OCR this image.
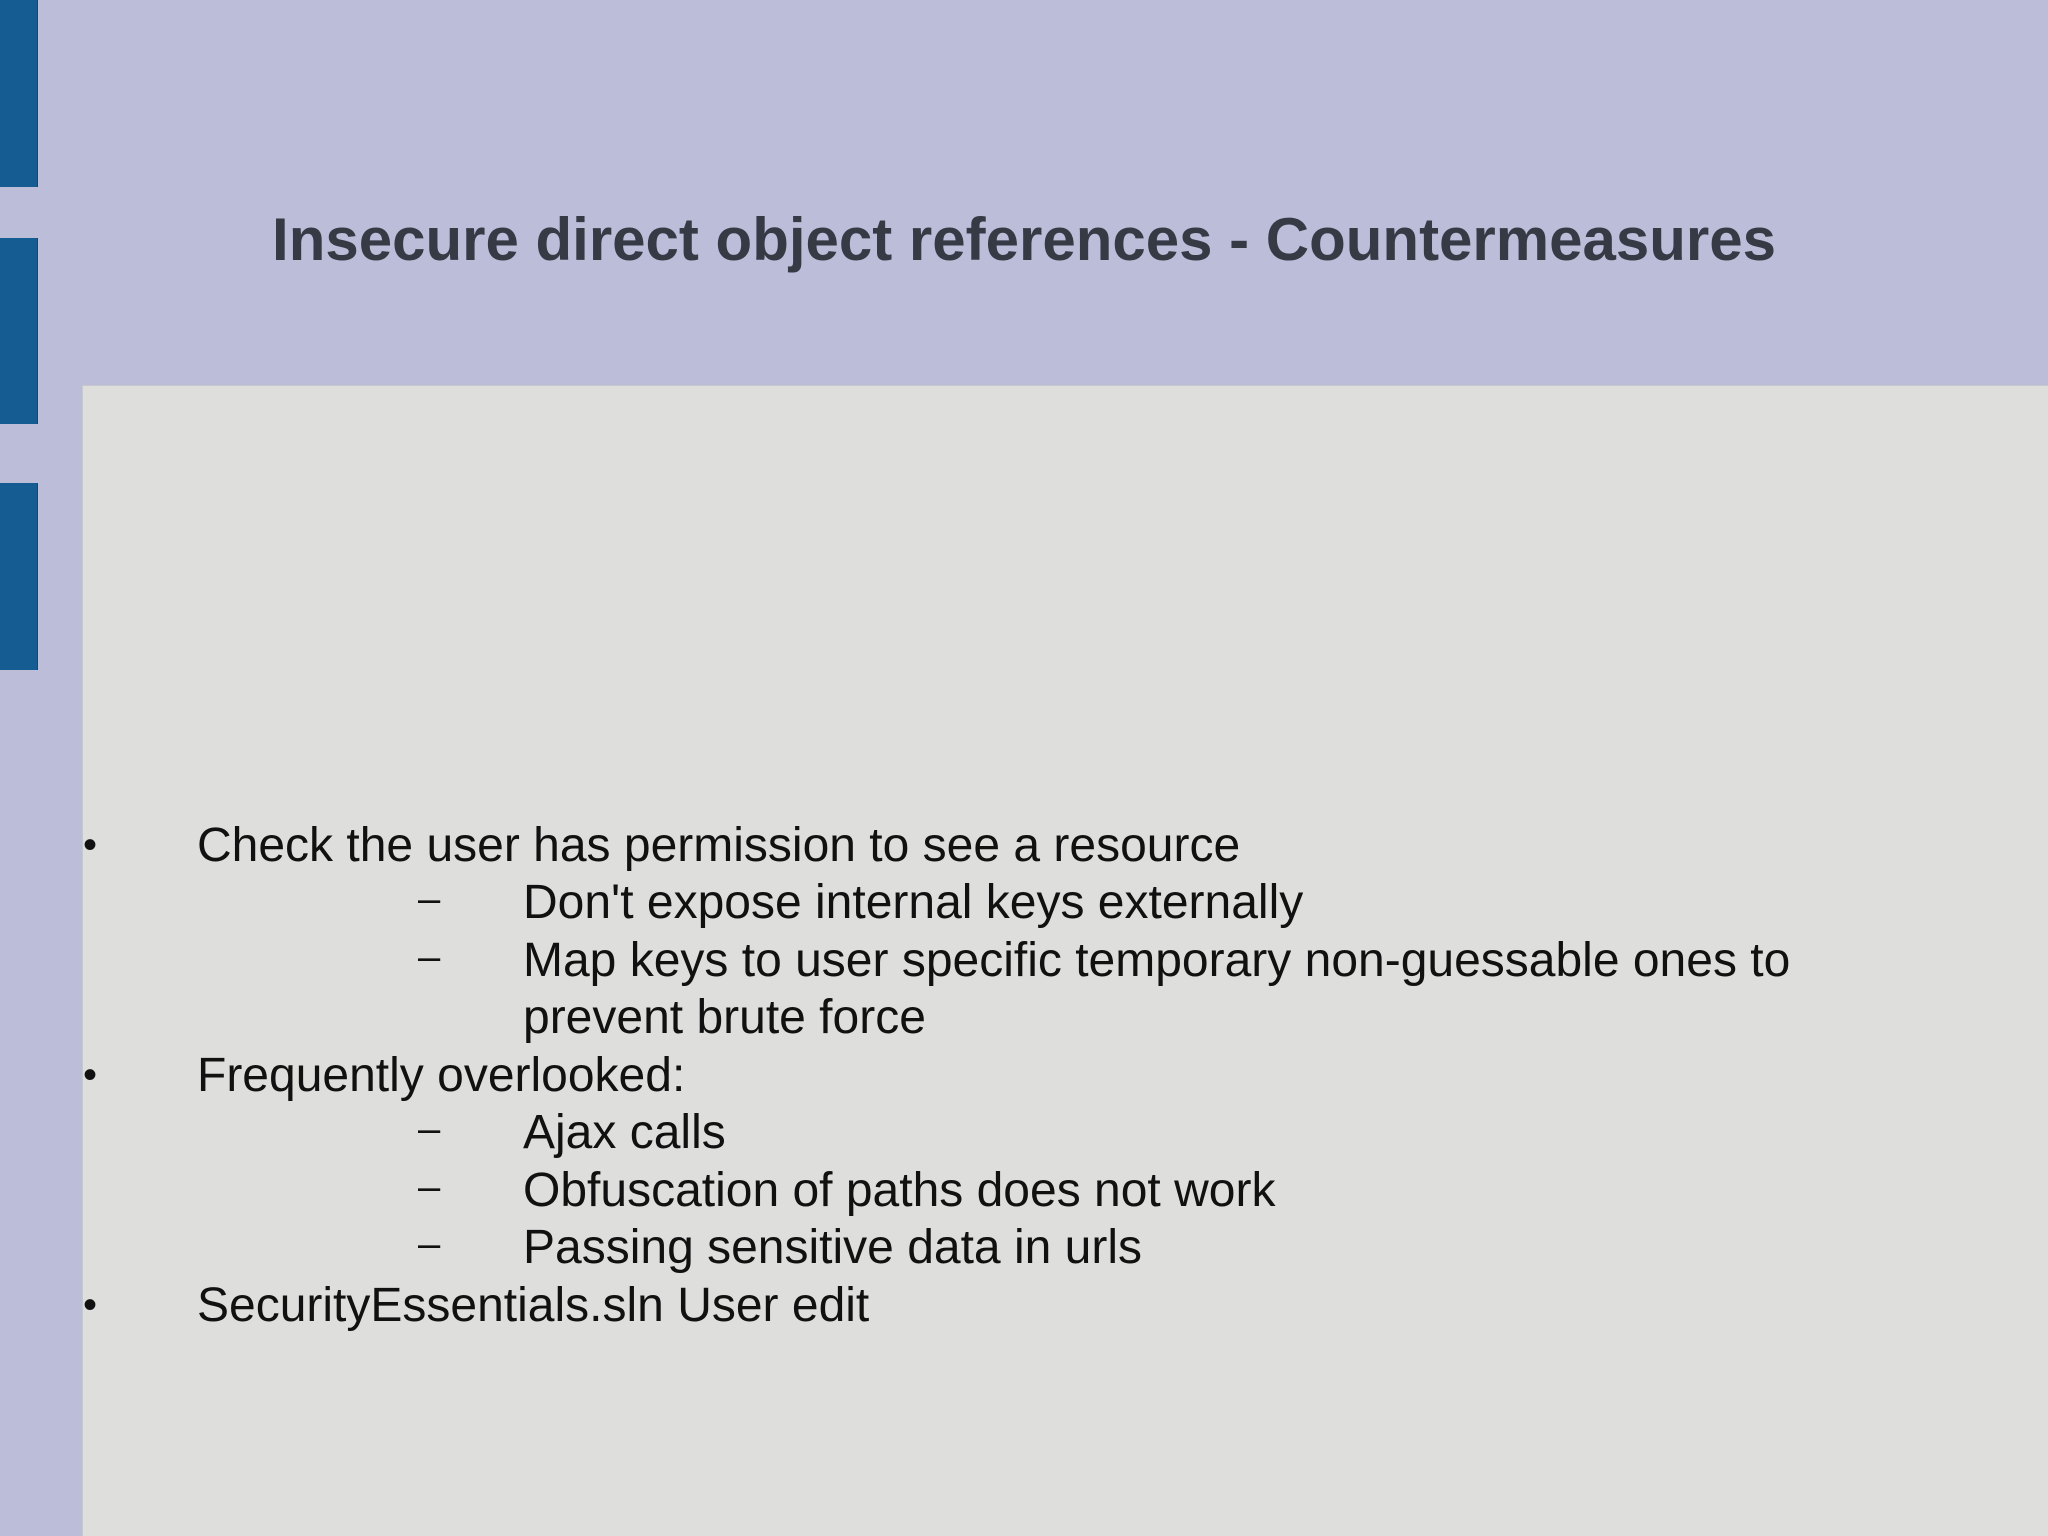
Insecure direct object references - Countermeasures
• Check the user has permission to see a resource
– Don't expose internal keys externally
– Map keys to user specific temporary non-guessable ones to
prevent brute force
• Frequently overlooked:
– Ajax calls
– Obfuscation of paths does not work
– Passing sensitive data in urls
• SecurityEssentials.sln User edit
